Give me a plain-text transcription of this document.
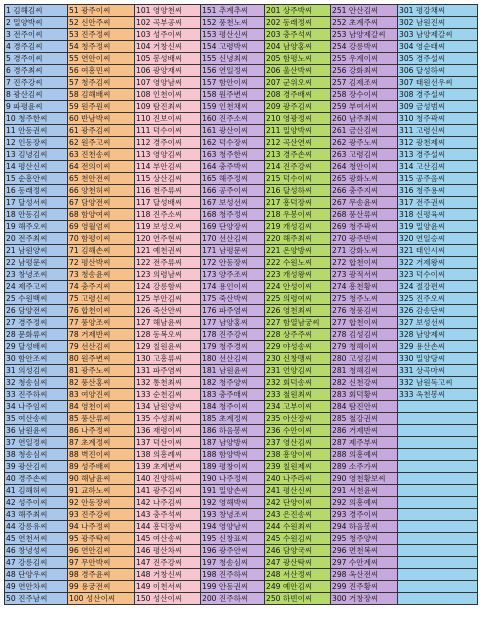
1 김해김씨	51 광주이씨	101 영양천씨	151 추계추씨	201 상주박씨	251 안산김씨	301 평강채씨
2 밀양박씨	52 신안주씨	102 곡부공씨	152 풍천노씨	202 동래정씨	252 초계주씨	302 남원진씨
3 전주이씨	53 진주정씨	103 성주이씨	153 평산신씨	203 충주석씨	253 남양제갈씨	303 남양제갈씨
4 경주김씨	54 청주정씨	104 거창신씨	154 고령박씨	204 남양홍씨	254 강릉박씨	304 영순태씨
5 경주이씨	55 연안이씨	105 봉성배씨	155 신녕최씨	205 함평노씨	255 우계이씨	305 경주설씨
6 경주최씨	56 여흥민씨	106 광양재씨	156 연일정씨	206 울산박씨	256 강화최씨	306 달성하씨
7 진주강씨	57 청주김씨	107 영양남씨	157 함안이씨	207 군위오씨	257 김제조씨	307 태원선우씨
8 광산김씨	58 김해배씨	108 인천이씨	158 원주변씨	208 경주배씨	258 장수이씨	308 경주설씨
9 파평윤씨	59 원주원씨	109 탐진최씨	159 인천채씨	209 광주김씨	259 부여서씨	309 금성범씨
10 청주한씨	60 반남박씨	110 진보이씨	160 진주소씨	210 영광정씨	260 남주최씨	310 청주곽씨
11 안동권씨	61 광주김씨	111 덕수이씨	161 광산이씨	211 밀양박씨	261 금산김씨	311 고령신씨
12 인동장씨	62 원주고씨	112 경주이씨	162 덕수장씨	212 곡산연씨	262 광주노씨	312 광천제씨
13 김녕김씨	63 진천송씨	113 영양김씨	163 청주한씨	213 경주손씨	263 고령김씨	313 경주설씨
14 평산신씨	64 전의이씨	114 부안김씨	164 충주박씨	214 진주강씨	264 청안이씨	314 고산김씨
15 순흥안씨	65 천안전씨	115 상산김씨	165 해주정씨	215 덕수이씨	265 광화노씨	315 공주음씨
16 동래정씨	66 양천허씨	116 천주류씨	166 공주이씨	216 달성하씨	266 충주지씨	316 청주용씨
17 달성서씨	67 담양전씨	117 달성배씨	167 보성선씨	217 흥덕장씨	267 무송윤씨	317 전주권씨
18 안동김씨	68 함양여씨	118 진주소씨	168 청주정씨	218 우봉이씨	268 풍산류씨	318 신평육씨
19 해주오씨	69 영월엄씨	119 보성오씨	169 단양장씨	219 개성김씨	269 청주곽씨	319 밀양윤씨
20 전주최씨	70 함평이씨	120 연주현씨	170 선산김씨	220 해주최씨	270 광주반씨	320 연일승씨
21 남원양씨	71 김해손씨	121 예천권씨	171 남평문씨	221 온양방씨	271 강화노씨	321 태인시씨
22 남평문씨	72 평산박씨	122 전주류씨	172 안동장씨	222 수원노씨	272 합천이씨	322 거제왕씨
23 창녕조씨	73 청송윤씨	123 의령남씨	173 양주조씨	223 개성왕씨	273 광적서씨	323 덕수이씨
24 제주고씨	74 충주지씨	124 강릉함씨	174 용인이씨	224 안성이씨	274 흥천황씨	324 절강편씨
25 수원백씨	75 고령신씨	125 부안김씨	175 죽산박씨	225 의령여씨	275 청주노씨	325 진주오씨
26 담양전씨	76 합천이씨	126 죽산안씨	176 파주염씨	226 영천최씨	276 청풍김씨	326 감송단씨
27 경주정씨	77 풍양조씨	127 해남윤씨	177 남양홍씨	227 함열남궁씨	277 합천이씨	327 보성선씨
28 문화류씨	78 거제반씨	128 동복오씨	178 진주강씨	228 상주주씨	278 김성김씨	328 남양제씨
29 달성배씨	79 선산김씨	129 칠원윤씨	179 청주경씨	229 야성송씨	279 청해이씨	329 용산손씨
30 함안조씨	80 원주변씨	130 고흥류씨	180 선산김씨	230 신창맹씨	280 고성김씨	330 밀양당씨
31 의성김씨	81 광주노씨	131 파주염씨	181 남원윤씨	231 언양김씨	281 청해김씨	331 상곡마씨
32 청송심씨	82 풍산홍씨	132 통천최씨	182 청주양씨	232 회덕송씨	282 신천강씨	332 남원독고씨
33 진주하씨	83 여양진씨	133 순천김씨	183 충주매씨	233 철원최씨	283 회덕황씨	333 옥천봉씨
34 나주임씨	84 영천이씨	134 남원양씨	184 청주이씨	234 고부이씨	284 탐진안씨	
35 여산송씨	85 풍산류씨	135 수성최씨	185 초계정씨	235 아산장씨	285 철강권씨	
36 남원윤씨	86 나주정씨	136 재령이씨	186 하음봉씨	236 수안이씨	286 거제반씨	
37 연일정씨	87 초계정씨	137 덕산이씨	187 남양방씨	237 영산김씨	287 제주부씨	
38 청송심씨	88 벽진이씨	138 의흥례씨	188 함양박씨	238 흥양이씨	288 의흥예씨	
39 광산김씨	89 성주배씨	139 초계변씨	189 평창이씨	239 칠원제씨	289 소주가씨	
40 경주손씨	90 해남윤씨	140 진양하씨	190 나주정씨	240 나주라씨	290 영천황보씨	
41 김해허씨	91 교하노씨	141 광주김씨	191 밀양손씨	241 평산신씨	291 서천윤씨	
42 성주이씨	92 안동장씨	142 나주김씨	192 영해박씨	242 단양이씨	292 의흥예씨	
43 해주최씨	93 진주강씨	143 충주석씨	193 창녕조씨	243 은진송씨	293 경주이씨	
44 강릉유씨	94 나주정씨	144 흥덕장씨	194 영양남씨	244 수원최씨	294 하음봉씨	
45 연천서씨	95 광주탁씨	145 여산송씨	195 신창표씨	245 수원김씨	295 청주양씨	
46 창녕성씨	96 연안김씨	146 평산차씨	196 광주안씨	246 담양국씨	296 면천복씨	
47 강릉김씨	97 무안박씨	147 진주강씨	197 청송심씨	247 광산탁씨	297 수안계씨	
48 단양우씨	98 경주윤씨	148 거창신씨	198 진주하씨	248 서산정씨	298 옥산전씨	
49 연안차씨	99 용궁전씨	149 이천서씨	199 안동권씨	249 예안김씨	299 진주황씨	
50 진주남씨	100 성산이씨	150 성산이씨	200 진주하씨	250 하빈이씨	300 거창장씨	
